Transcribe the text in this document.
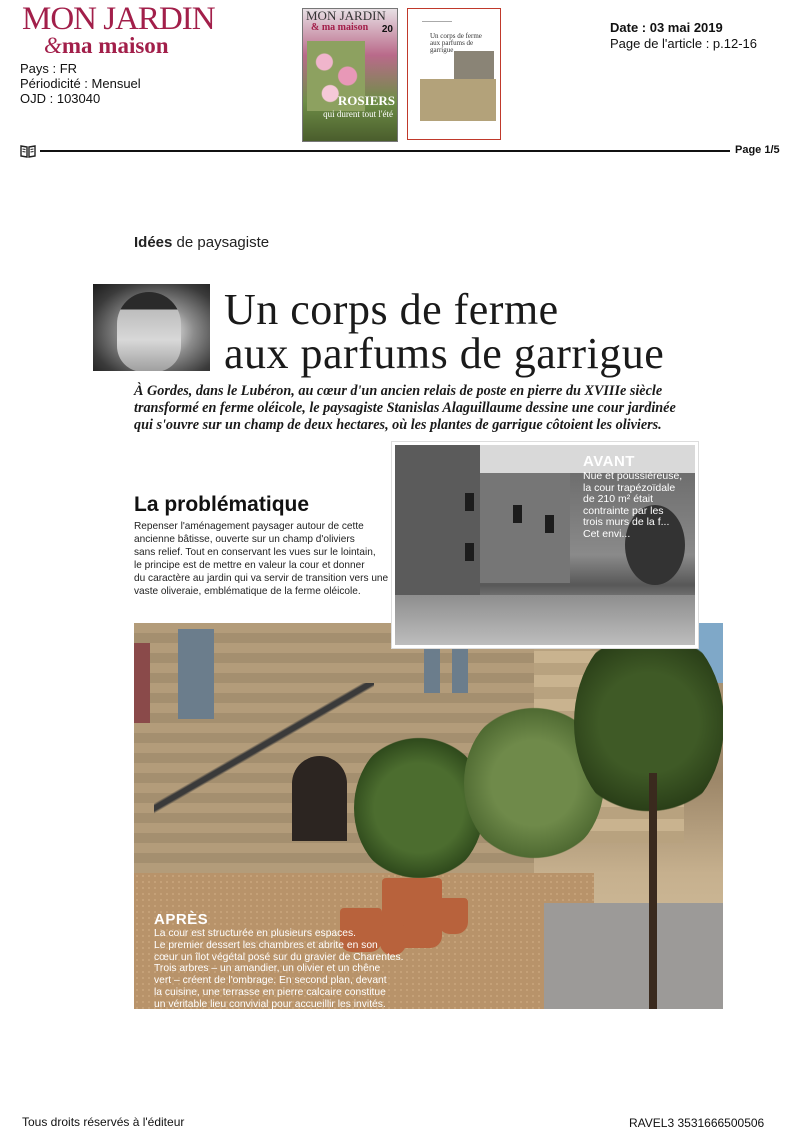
MON JARDIN
&ma maison
Pays : FR
Périodicité : Mensuel
OJD : 103040
MON JARDIN
& ma maison 20
ROSIERS
qui durent tout l'été
Un corps de ferme aux parfums de garrigue
Date : 03 mai 2019
Page de l'article : p.12-16
Page 1/5
Idées de paysagiste
Un corps de ferme
aux parfums de garrigue
À Gordes, dans le Lubéron, au cœur d'un ancien relais de poste en pierre du XVIIIe siècle
transformé en ferme oléicole, le paysagiste Stanislas Alaguillaume dessine une cour jardinée
qui s'ouvre sur un champ de deux hectares, où les plantes de garrigue côtoient les oliviers.
La problématique
Repenser l'aménagement paysager autour de cette
ancienne bâtisse, ouverte sur un champ d'oliviers
sans relief. Tout en conservant les vues sur le lointain,
le principe est de mettre en valeur la cour et donner
du caractère au jardin qui va servir de transition vers une
vaste oliveraie, emblématique de la ferme oléicole.
APRÈS
La cour est structurée en plusieurs espaces.
Le premier dessert les chambres et abrite en son
cœur un îlot végétal posé sur du gravier de Charentes.
Trois arbres – un amandier, un olivier et un chêne
vert – créent de l'ombrage. En second plan, devant
la cuisine, une terrasse en pierre calcaire constitue
un véritable lieu convivial pour accueillir les invités.
AVANT
Nue et poussiéreuse,
la cour trapézoïdale
de 210 m² était
contrainte par les
trois murs de la f...
Cet envi...
Tous droits réservés à l'éditeur	RAVEL3 3531666500506
